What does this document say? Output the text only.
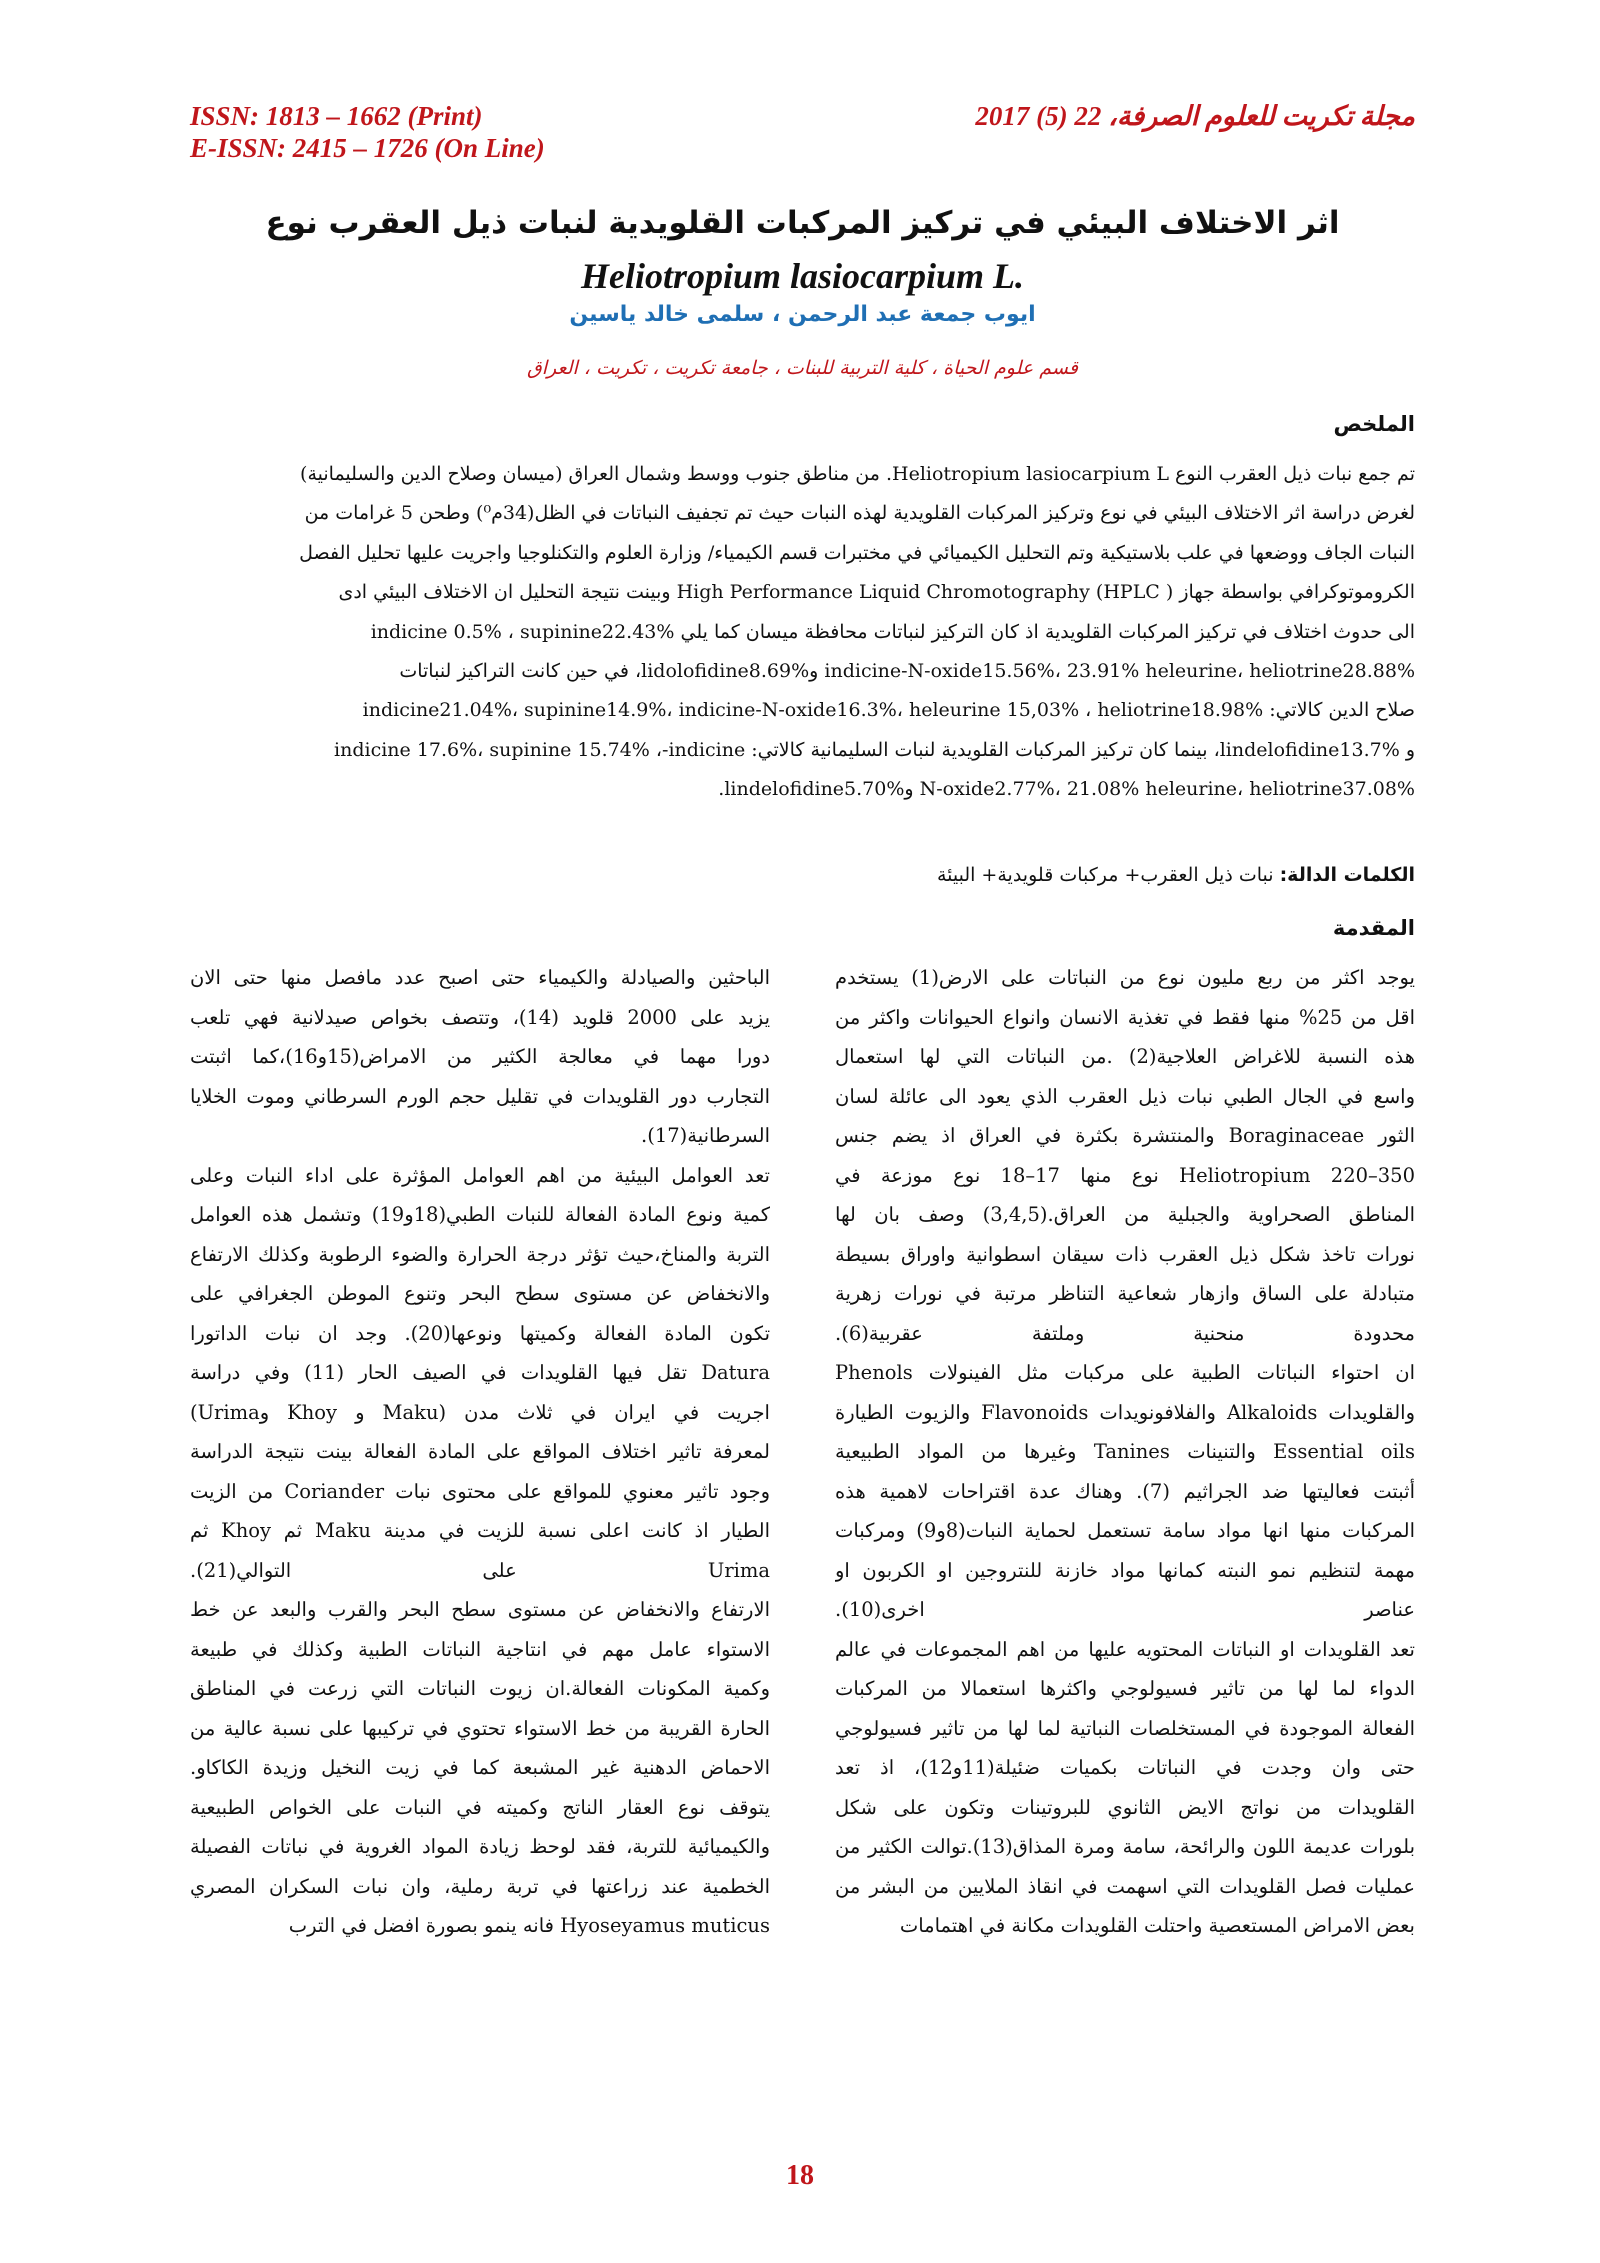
ISSN: 1813 – 1662 (Print)
E-ISSN: 2415 – 1726 (On Line)
مجلة تكريت للعلوم الصرفة، 22 (5) 2017
اثر الاختلاف البيئي في تركيز المركبات القلويدية لنبات ذيل العقرب نوع
Heliotropium lasiocarpium L.
ايوب جمعة عبد الرحمن ، سلمى خالد ياسين
قسم علوم الحياة ، كلية التربية للبنات ، جامعة تكريت ، تكريت ، العراق
الملخص
تم جمع نبات ذيل العقرب النوع Heliotropium lasiocarpium L. من مناطق جنوب ووسط وشمال العراق (ميسان وصلاح الدين والسليمانية)
لغرض دراسة اثر الاختلاف البيئي في نوع وتركيز المركبات القلويدية لهذه النبات حيث تم تجفيف النباتات في الظل(34م⁰) وطحن 5 غرامات من
النبات الجاف ووضعها في علب بلاستيكية وتم التحليل الكيميائي في مختبرات قسم الكيمياء/ وزارة العلوم والتكنلوجيا واجريت عليها تحليل الفصل
الكروموتوكرافي بواسطة جهاز High Performance Liquid Chromotography (HPLC ) وبينت نتيجة التحليل ان الاختلاف البيئي ادى
الى حدوث اختلاف في تركيز المركبات القلويدية اذ كان التركيز لنباتات محافظة ميسان كما يلي indicine 0.5% ، supinine22.43%
indicine-N-oxide15.56%، 23.91% heleurine، heliotrine28.88% وlidolofidine8.69%، في حين كانت التراكيز لنباتات
صلاح الدين كالاتي: indicine21.04%، supinine14.9%، indicine-N-oxide16.3%، heleurine 15,03% ، heliotrine18.98%
و lindelofidine13.7%، بينما كان تركيز المركبات القلويدية لنبات السليمانية كالاتي: indicine 17.6%، supinine 15.74% ،-indicine
N-oxide2.77%، 21.08% heleurine، heliotrine37.08% وlindelofidine5.70%.
الكلمات الدالة: نبات ذيل العقرب+ مركبات قلويدية+ البيئة
المقدمة
يوجد اكثر من ربع مليون نوع من النباتات على الارض(1) يستخدم
اقل من 25% منها فقط في تغذية الانسان وانواع الحيوانات واكثر من
هذه النسبة للاغراض العلاجية(2) .من النباتات التي لها استعمال
واسع في الجال الطبي نبات ذيل العقرب الذي يعود الى عائلة لسان
الثور Boraginaceae والمنتشرة بكثرة في العراق اذ يضم جنس
Heliotropium 220–350 نوع منها 17–18 نوع موزعة في
المناطق الصحراوية والجبلية من العراق.(3,4,5) وصف بان لها
نورات تاخذ شكل ذيل العقرب ذات سيقان اسطوانية واوراق بسيطة
متبادلة على الساق وازهار شعاعية التناظر مرتبة في نورات زهرية
محدودة منحنية وملتفة عقربية(6).
ان احتواء النباتات الطبية على مركبات مثل الفينولات Phenols
والقلويدات Alkaloids والفلافونويدات Flavonoids والزيوت الطيارة
Essential oils والتنينات Tanines وغيرها من المواد الطبيعية
أثبتت فعاليتها ضد الجراثيم (7). وهناك عدة اقتراحات لاهمية هذه
المركبات منها انها مواد سامة تستعمل لحماية النبات(8و9) ومركبات
مهمة لتنظيم نمو النبته كمانها مواد خازنة للنتروجين او الكربون او
عناصر اخرى(10).
تعد القلويدات او النباتات المحتويه عليها من اهم المجموعات في عالم
الدواء لما لها من تاثير فسيولوجي واكثرها استعمالا من المركبات
الفعالة الموجودة في المستخلصات النباتية لما لها من تاثير فسيولوجي
حتى وان وجدت في النباتات بكميات ضئيلة(11و12)، اذ تعد
القلويدات من نواتج الايض الثانوي للبروتينات وتكون على شكل
بلورات عديمة اللون والرائحة، سامة ومرة المذاق(13).توالت الكثير من
عمليات فصل القلويدات التي اسهمت في انقاذ الملايين من البشر من
بعض الامراض المستعصية واحتلت القلويدات مكانة في اهتمامات
الباحثين والصيادلة والكيمياء حتى اصبح عدد مافصل منها حتى الان
يزيد على 2000 قلويد (14)، وتتصف بخواص صيدلانية فهي تلعب
دورا مهما في معالجة الكثير من الامراض(15و16)،كما اثبتت
التجارب دور القلويدات في تقليل حجم الورم السرطاني وموت الخلايا
السرطانية(17).
تعد العوامل البيئية من اهم العوامل المؤثرة على اداء النبات وعلى
كمية ونوع المادة الفعالة للنبات الطبي(18و19) وتشمل هذه العوامل
التربة والمناخ،حيث تؤثر درجة الحرارة والضوء الرطوبة وكذلك الارتفاع
والانخفاض عن مستوى سطح البحر وتنوع الموطن الجغرافي على
تكون المادة الفعالة وكميتها ونوعها(20). وجد ان نبات الداتورا
Datura تقل فيها القلويدات في الصيف الحار (11) وفي دراسة
اجريت في ايران في ثلاث مدن (Maku و Khoy وUrima)
لمعرفة تاثير اختلاف المواقع على المادة الفعالة بينت نتيجة الدراسة
وجود تاثير معنوي للمواقع على محتوى نبات Coriander من الزيت
الطيار اذ كانت اعلى نسبة للزيت في مدينة Maku ثم Khoy ثم
Urima على التوالي(21).
الارتفاع والانخفاض عن مستوى سطح البحر والقرب والبعد عن خط
الاستواء عامل مهم في انتاجية النباتات الطبية وكذلك في طبيعة
وكمية المكونات الفعالة.ان زيوت النباتات التي زرعت في المناطق
الحارة القريبة من خط الاستواء تحتوي في تركيبها على نسبة عالية من
الاحماض الدهنية غير المشبعة كما في زيت النخيل وزيدة الكاكاو.
يتوقف نوع العقار الناتج وكميته في النبات على الخواص الطبيعية
والكيميائية للتربة، فقد لوحظ زيادة المواد الغروية في نباتات الفصيلة
الخطمية عند زراعتها في تربة رملية، وان نبات السكران المصري
Hyoseyamus muticus فانه ينمو بصورة افضل في الترب
18
